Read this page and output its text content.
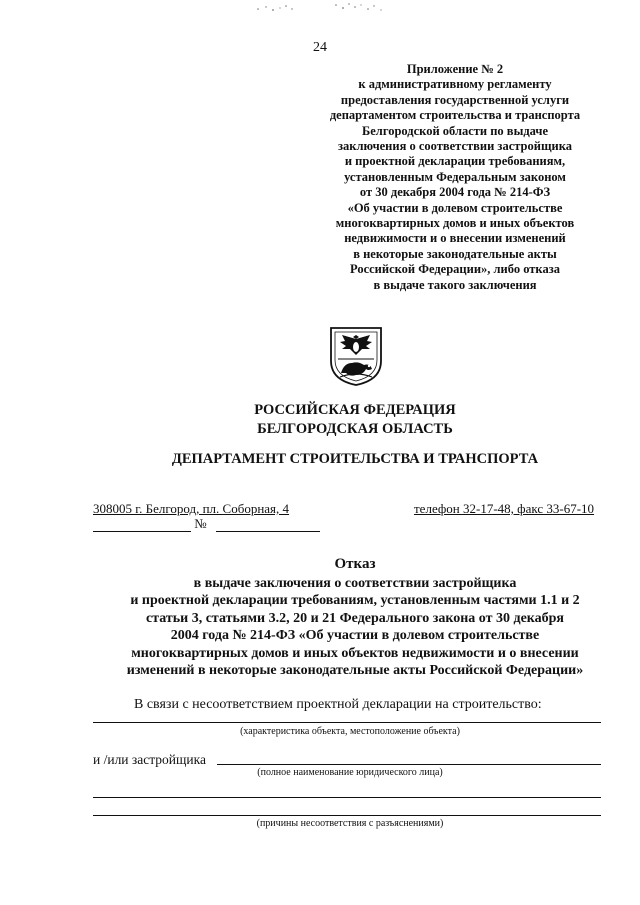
24
Приложение № 2
к административному регламенту
предоставления государственной услуги
департаментом строительства и транспорта
Белгородской области по выдаче
заключения о соответствии застройщика
и проектной декларации требованиям,
установленным Федеральным законом
от 30 декабря 2004 года № 214-ФЗ
«Об участии в долевом строительстве
многоквартирных домов и иных объектов
недвижимости и о внесении изменений
в некоторые законодательные акты
Российской Федерации», либо отказа
в выдаче такого заключения
РОССИЙСКАЯ ФЕДЕРАЦИЯ
БЕЛГОРОДСКАЯ ОБЛАСТЬ
ДЕПАРТАМЕНТ СТРОИТЕЛЬСТВА И ТРАНСПОРТА
308005 г. Белгород, пл. Соборная, 4	телефон 32-17-48, факс 33-67-10
№
Отказ
в выдаче заключения о соответствии застройщика
и проектной декларации требованиям, установленным частями 1.1 и 2
статьи 3, статьями 3.2, 20 и 21 Федерального закона от 30 декабря
2004 года № 214-ФЗ «Об участии в долевом строительстве
многоквартирных домов и иных объектов недвижимости и о внесении
изменений в некоторые законодательные акты Российской Федерации»
В связи с несоответствием проектной декларации на строительство:
(характеристика объекта, местоположение объекта)
и /или застройщика
(полное наименование юридического лица)
(причины несоответствия с разъяснениями)
